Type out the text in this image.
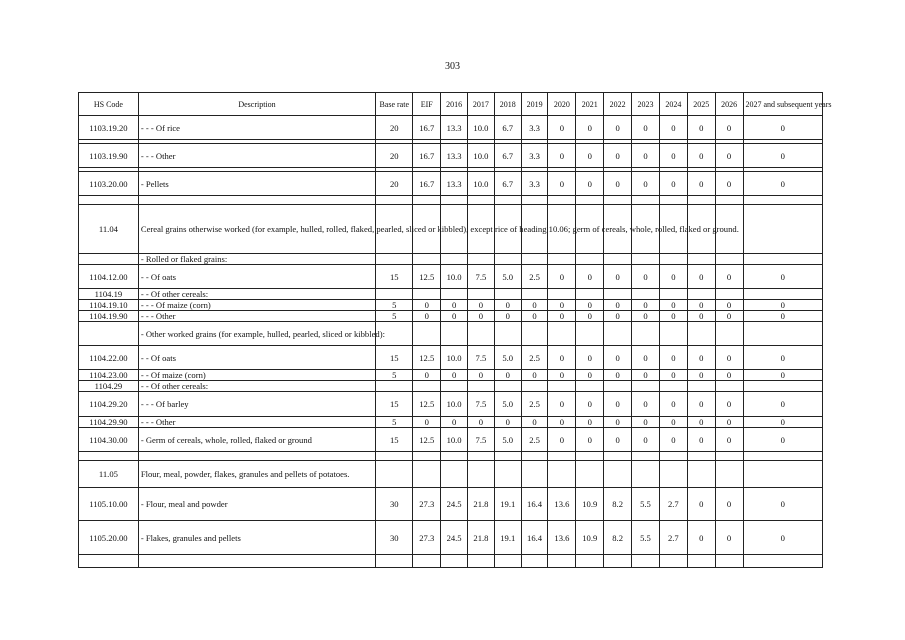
303
HS Code	Description	Base rate	EIF	2016	2017	2018	2019	2020	2021	2022	2023	2024	2025	2026	2027 and subsequent years
1103.19.20	- - - Of rice	20	16.7	13.3	10.0	6.7	3.3	0	0	0	0	0	0	0	0

1103.19.90	- - - Other	20	16.7	13.3	10.0	6.7	3.3	0	0	0	0	0	0	0	0

1103.20.00	- Pellets	20	16.7	13.3	10.0	6.7	3.3	0	0	0	0	0	0	0	0

11.04	Cereal grains otherwise worked (for example, hulled, rolled, flaked, pearled, sliced or kibbled), except rice of heading 10.06; germ of cereals, whole, rolled, flaked or ground.														
	- Rolled or flaked grains:														
1104.12.00	- - Of oats	15	12.5	10.0	7.5	5.0	2.5	0	0	0	0	0	0	0	0
1104.19	- - Of other cereals:														
1104.19.10	- - - Of maize (corn)	5	0	0	0	0	0	0	0	0	0	0	0	0	0
1104.19.90	- - - Other	5	0	0	0	0	0	0	0	0	0	0	0	0	0
	- Other worked grains (for example, hulled, pearled, sliced or kibbled):														
1104.22.00	- - Of oats	15	12.5	10.0	7.5	5.0	2.5	0	0	0	0	0	0	0	0
1104.23.00	- - Of maize (corn)	5	0	0	0	0	0	0	0	0	0	0	0	0	0
1104.29	- - Of other cereals:														
1104.29.20	- - - Of barley	15	12.5	10.0	7.5	5.0	2.5	0	0	0	0	0	0	0	0
1104.29.90	- - - Other	5	0	0	0	0	0	0	0	0	0	0	0	0	0
1104.30.00	- Germ of cereals, whole, rolled, flaked or ground	15	12.5	10.0	7.5	5.0	2.5	0	0	0	0	0	0	0	0

11.05	Flour, meal, powder, flakes, granules and pellets of potatoes.														
1105.10.00	- Flour, meal and powder	30	27.3	24.5	21.8	19.1	16.4	13.6	10.9	8.2	5.5	2.7	0	0	0
1105.20.00	- Flakes, granules and pellets	30	27.3	24.5	21.8	19.1	16.4	13.6	10.9	8.2	5.5	2.7	0	0	0
